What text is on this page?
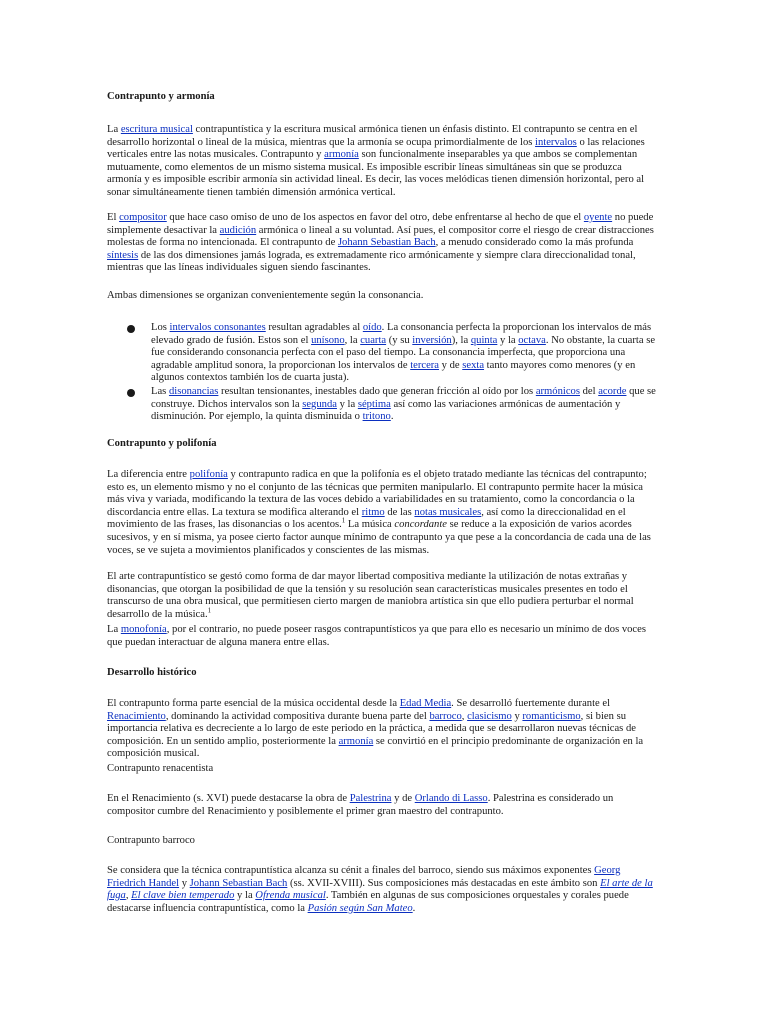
Contrapunto y armonía

La escritura musical contrapuntística y la escritura musical armónica tienen un énfasis distinto. El contrapunto se centra en el desarrollo horizontal o lineal de la música, mientras que la armonía se ocupa primordialmente de los intervalos o las relaciones verticales entre las notas musicales. Contrapunto y armonía son funcionalmente inseparables ya que ambos se complementan mutuamente, como elementos de un mismo sistema musical. Es imposible escribir líneas simultáneas sin que se produzca armonía y es imposible escribir armonía sin actividad lineal. Es decir, las voces melódicas tienen dimensión horizontal, pero al sonar simultáneamente tienen también dimensión armónica vertical.

El compositor que hace caso omiso de uno de los aspectos en favor del otro, debe enfrentarse al hecho de que el oyente no puede simplemente desactivar la audición armónica o lineal a su voluntad. Así pues, el compositor corre el riesgo de crear distracciones molestas de forma no intencionada. El contrapunto de Johann Sebastian Bach, a menudo considerado como la más profunda síntesis de las dos dimensiones jamás lograda, es extremadamente rico armónicamente y siempre clara direccionalidad tonal, mientras que las líneas individuales siguen siendo fascinantes.

Ambas dimensiones se organizan convenientemente según la consonancia.

Los intervalos consonantes resultan agradables al oído. La consonancia perfecta la proporcionan los intervalos de más elevado grado de fusión. Estos son el unísono, la cuarta (y su inversión), la quinta y la octava. No obstante, la cuarta se fue considerando consonancia perfecta con el paso del tiempo. La consonancia imperfecta, que proporciona una agradable amplitud sonora, la proporcionan los intervalos de tercera y de sexta tanto mayores como menores (y en algunos contextos también los de cuarta justa).

Las disonancias resultan tensionantes, inestables dado que generan fricción al oído por los armónicos del acorde que se construye. Dichos intervalos son la segunda y la séptima así como las variaciones armónicas de aumentación y disminución. Por ejemplo, la quinta disminuida o tritono.

Contrapunto y polifonía

La diferencia entre polifonía y contrapunto radica en que la polifonía es el objeto tratado mediante las técnicas del contrapunto; esto es, un elemento mismo y no el conjunto de las técnicas que permiten manipularlo. El contrapunto permite hacer la música más viva y variada, modificando la textura de las voces debido a variabilidades en su tratamiento, como la concordancia o la discordancia entre ellas. La textura se modifica alterando el ritmo de las notas musicales, así como la direccionalidad en el movimiento de las frases, las disonancias o los acentos.$^1$ La música concordante se reduce a la exposición de varios acordes sucesivos, y en sí misma, ya posee cierto factor aunque mínimo de contrapunto ya que pese a la concordancia de cada una de las voces, se ve sujeta a movimientos planificados y conscientes de las mismas.

El arte contrapuntístico se gestó como forma de dar mayor libertad compositiva mediante la utilización de notas extrañas y disonancias, que otorgan la posibilidad de que la tensión y su resolución sean características musicales presentes en todo el transcurso de una obra musical, que permitiesen cierto margen de maniobra artística sin que ello pudiera perturbar el normal desarrollo de la música.$^1$

La monofonía, por el contrario, no puede poseer rasgos contrapuntísticos ya que para ello es necesario un mínimo de dos voces que puedan interactuar de alguna manera entre ellas.

Desarrollo histórico

El contrapunto forma parte esencial de la música occidental desde la Edad Media. Se desarrolló fuertemente durante el Renacimiento, dominando la actividad compositiva durante buena parte del barroco, clasicismo y romanticismo, si bien su importancia relativa es decreciente a lo largo de este periodo en la práctica, a medida que se desarrollaron nuevas técnicas de composición. En un sentido amplio, posteriormente la armonía se convirtió en el principio predominante de organización en la composición musical.

Contrapunto renacentista

En el Renacimiento (s. XVI) puede destacarse la obra de Palestrina y de Orlando di Lasso. Palestrina es considerado un compositor cumbre del Renacimiento y posiblemente el primer gran maestro del contrapunto.

Contrapunto barroco

Se considera que la técnica contrapuntística alcanza su cénit a finales del barroco, siendo sus máximos exponentes Georg Friedrich Handel y Johann Sebastian Bach (ss. XVII-XVIII). Sus composiciones más destacadas en este ámbito son El arte de la fuga, El clave bien temperado y la Ofrenda musical. También en algunas de sus composiciones orquestales y corales puede destacarse influencia contrapuntística, como la Pasión según San Mateo.
